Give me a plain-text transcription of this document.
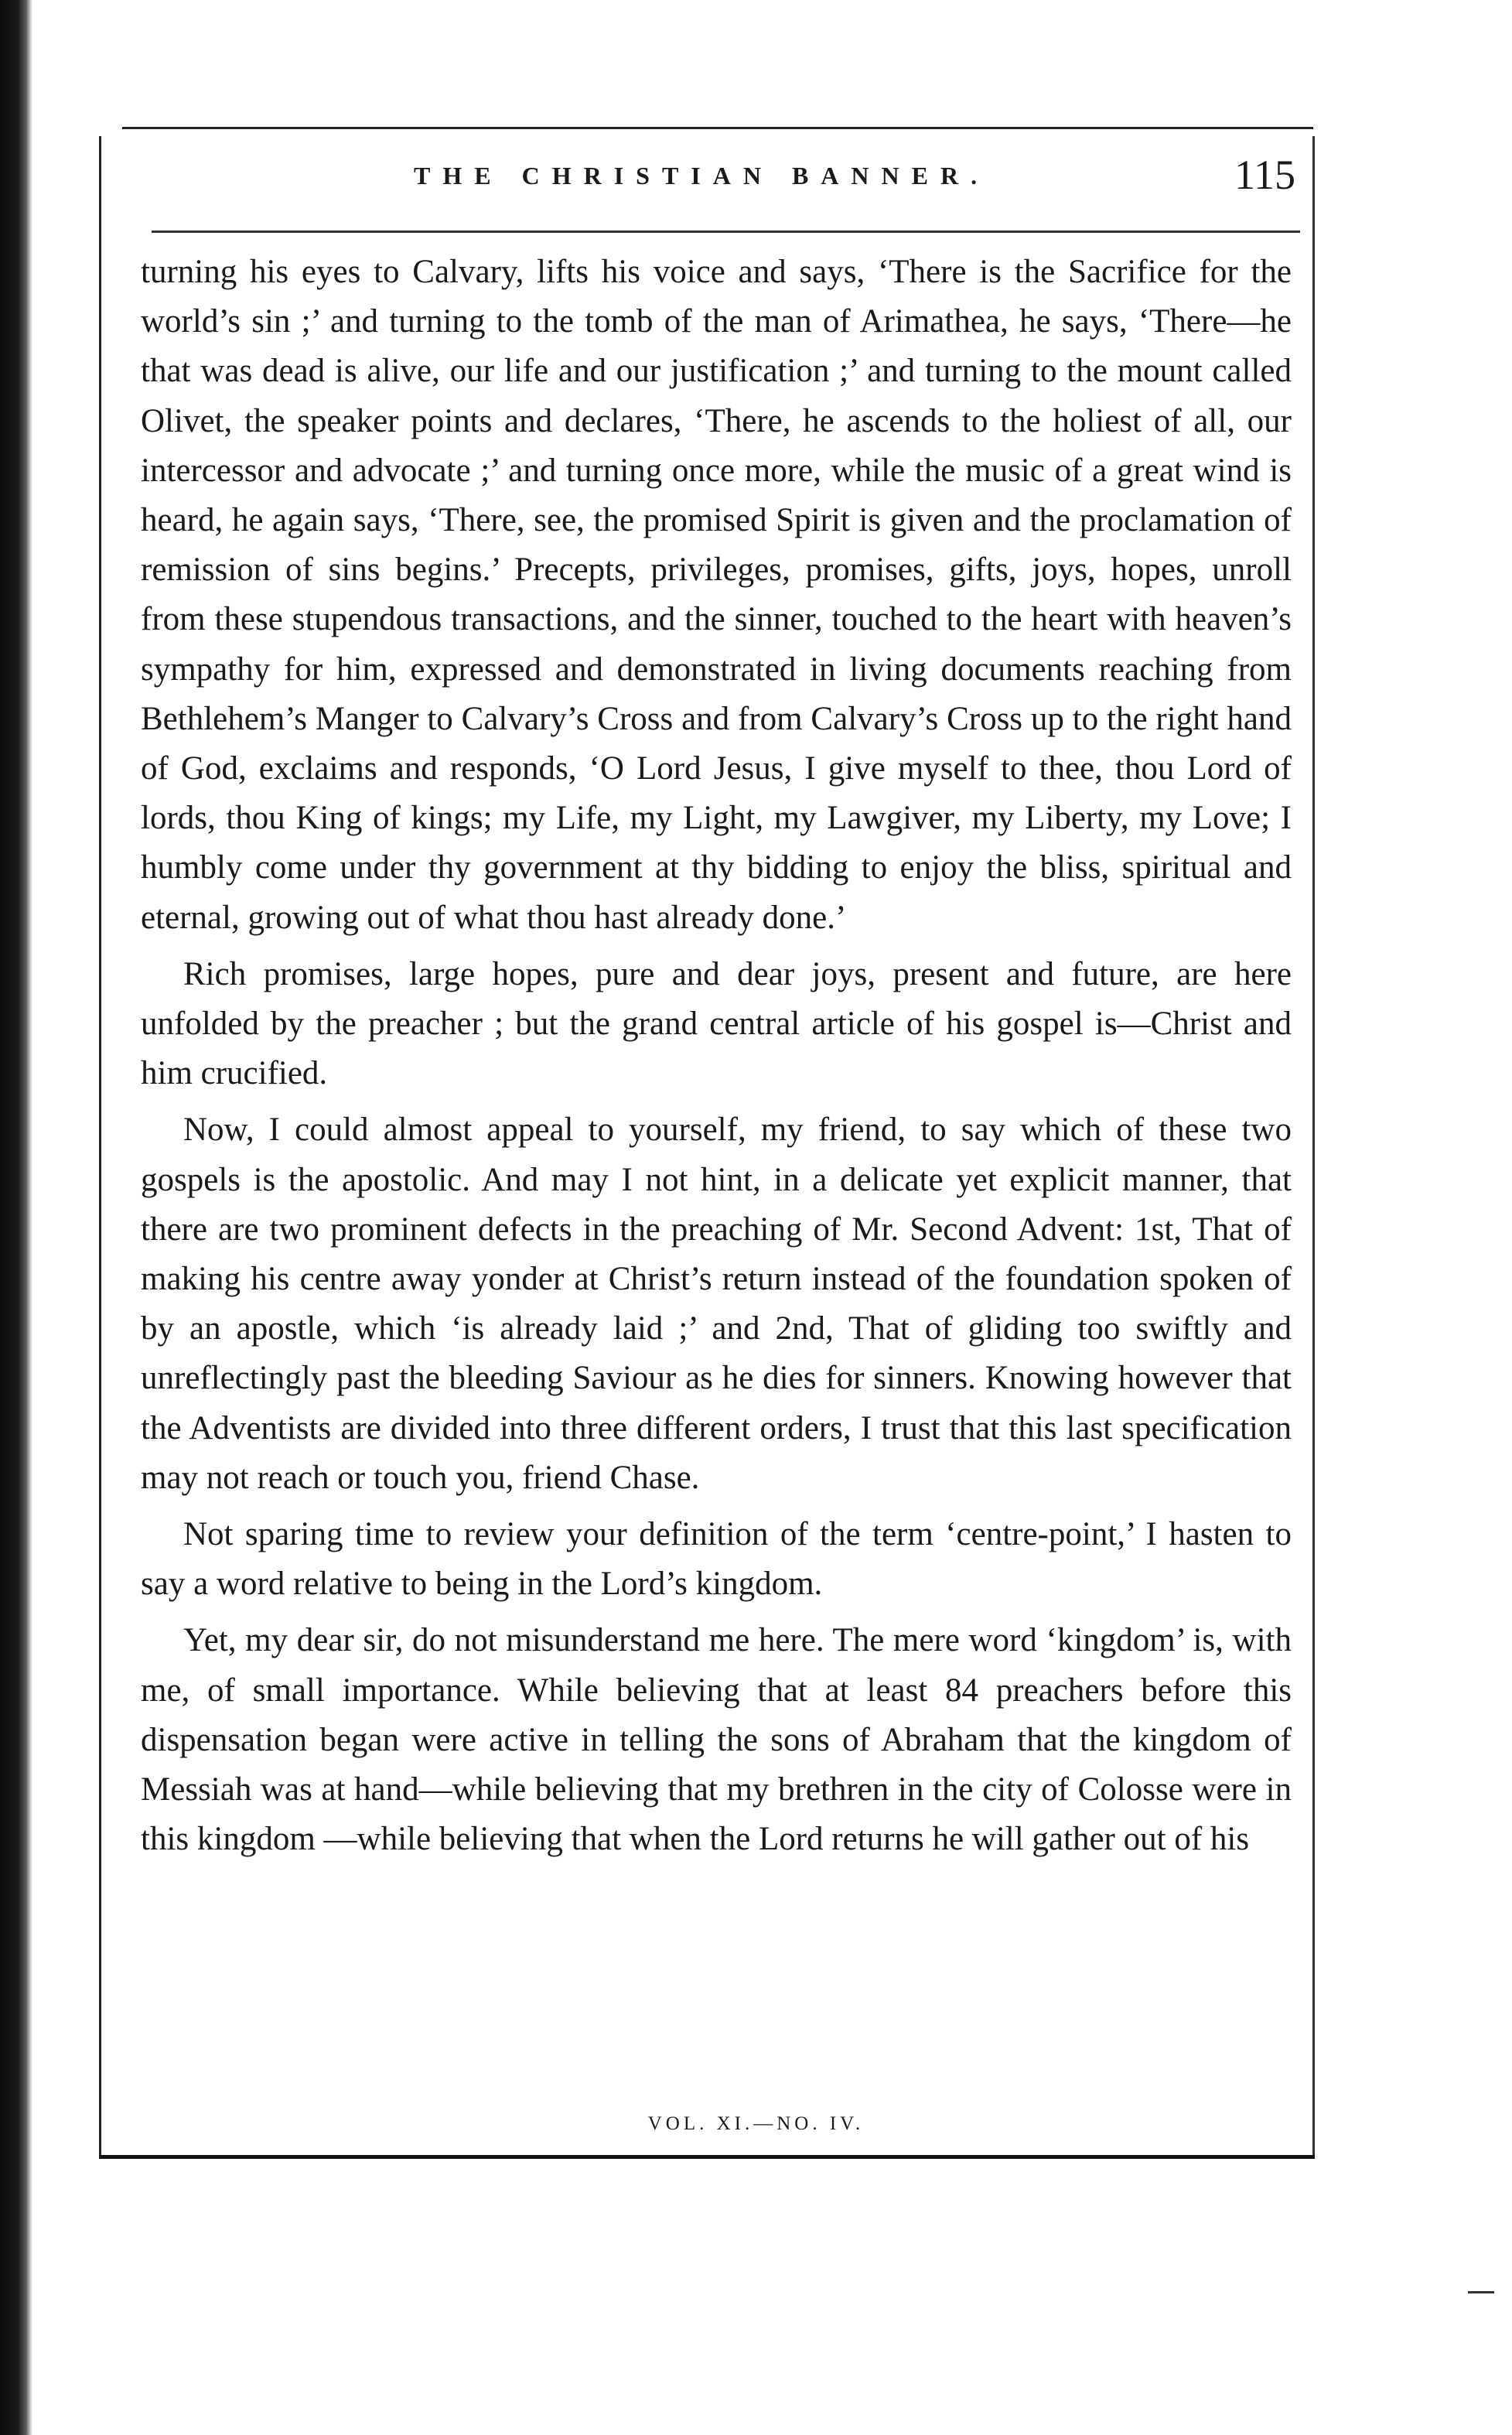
THE CHRISTIAN BANNER.	115

turning his eyes to Calvary, lifts his voice and says, ‘There is the Sacrifice for the world’s sin ;’ and turning to the tomb of the man of Arimathea, he says, ‘There—he that was dead is alive, our life and our justification ;’ and turning to the mount called Olivet, the speaker points and declares, ‘There, he ascends to the holiest of all, our intercessor and advocate ;’ and turning once more, while the music of a great wind is heard, he again says, ‘There, see, the promised Spirit is given and the proclamation of remission of sins begins.’ Precepts, privileges, promises, gifts, joys, hopes, unroll from these stupendous transactions, and the sinner, touched to the heart with heaven’s sympathy for him, expressed and demonstrated in living documents reaching from Bethlehem’s Manger to Calvary’s Cross and from Calvary’s Cross up to the right hand of God, exclaims and responds, ‘O Lord Jesus, I give myself to thee, thou Lord of lords, thou King of kings; my Life, my Light, my Lawgiver, my Liberty, my Love; I humbly come under thy government at thy bidding to enjoy the bliss, spiritual and eternal, growing out of what thou hast already done.’

Rich promises, large hopes, pure and dear joys, present and future, are here unfolded by the preacher ; but the grand central article of his gospel is—Christ and him crucified.

Now, I could almost appeal to yourself, my friend, to say which of these two gospels is the apostolic. And may I not hint, in a delicate yet explicit manner, that there are two prominent defects in the preaching of Mr. Second Advent: 1st, That of making his centre away yonder at Christ’s return instead of the foundation spoken of by an apostle, which ‘is already laid ;’ and 2nd, That of gliding too swiftly and unreflectingly past the bleeding Saviour as he dies for sinners. Knowing however that the Adventists are divided into three different orders, I trust that this last specification may not reach or touch you, friend Chase.

Not sparing time to review your definition of the term ‘centre-point,’ I hasten to say a word relative to being in the Lord’s kingdom.

Yet, my dear sir, do not misunderstand me here. The mere word ‘kingdom’ is, with me, of small importance. While believing that at least 84 preachers before this dispensation began were active in telling the sons of Abraham that the kingdom of Messiah was at hand—while believing that my brethren in the city of Colosse were in this kingdom —while believing that when the Lord returns he will gather out of his

VOL. XI.—NO. IV.
